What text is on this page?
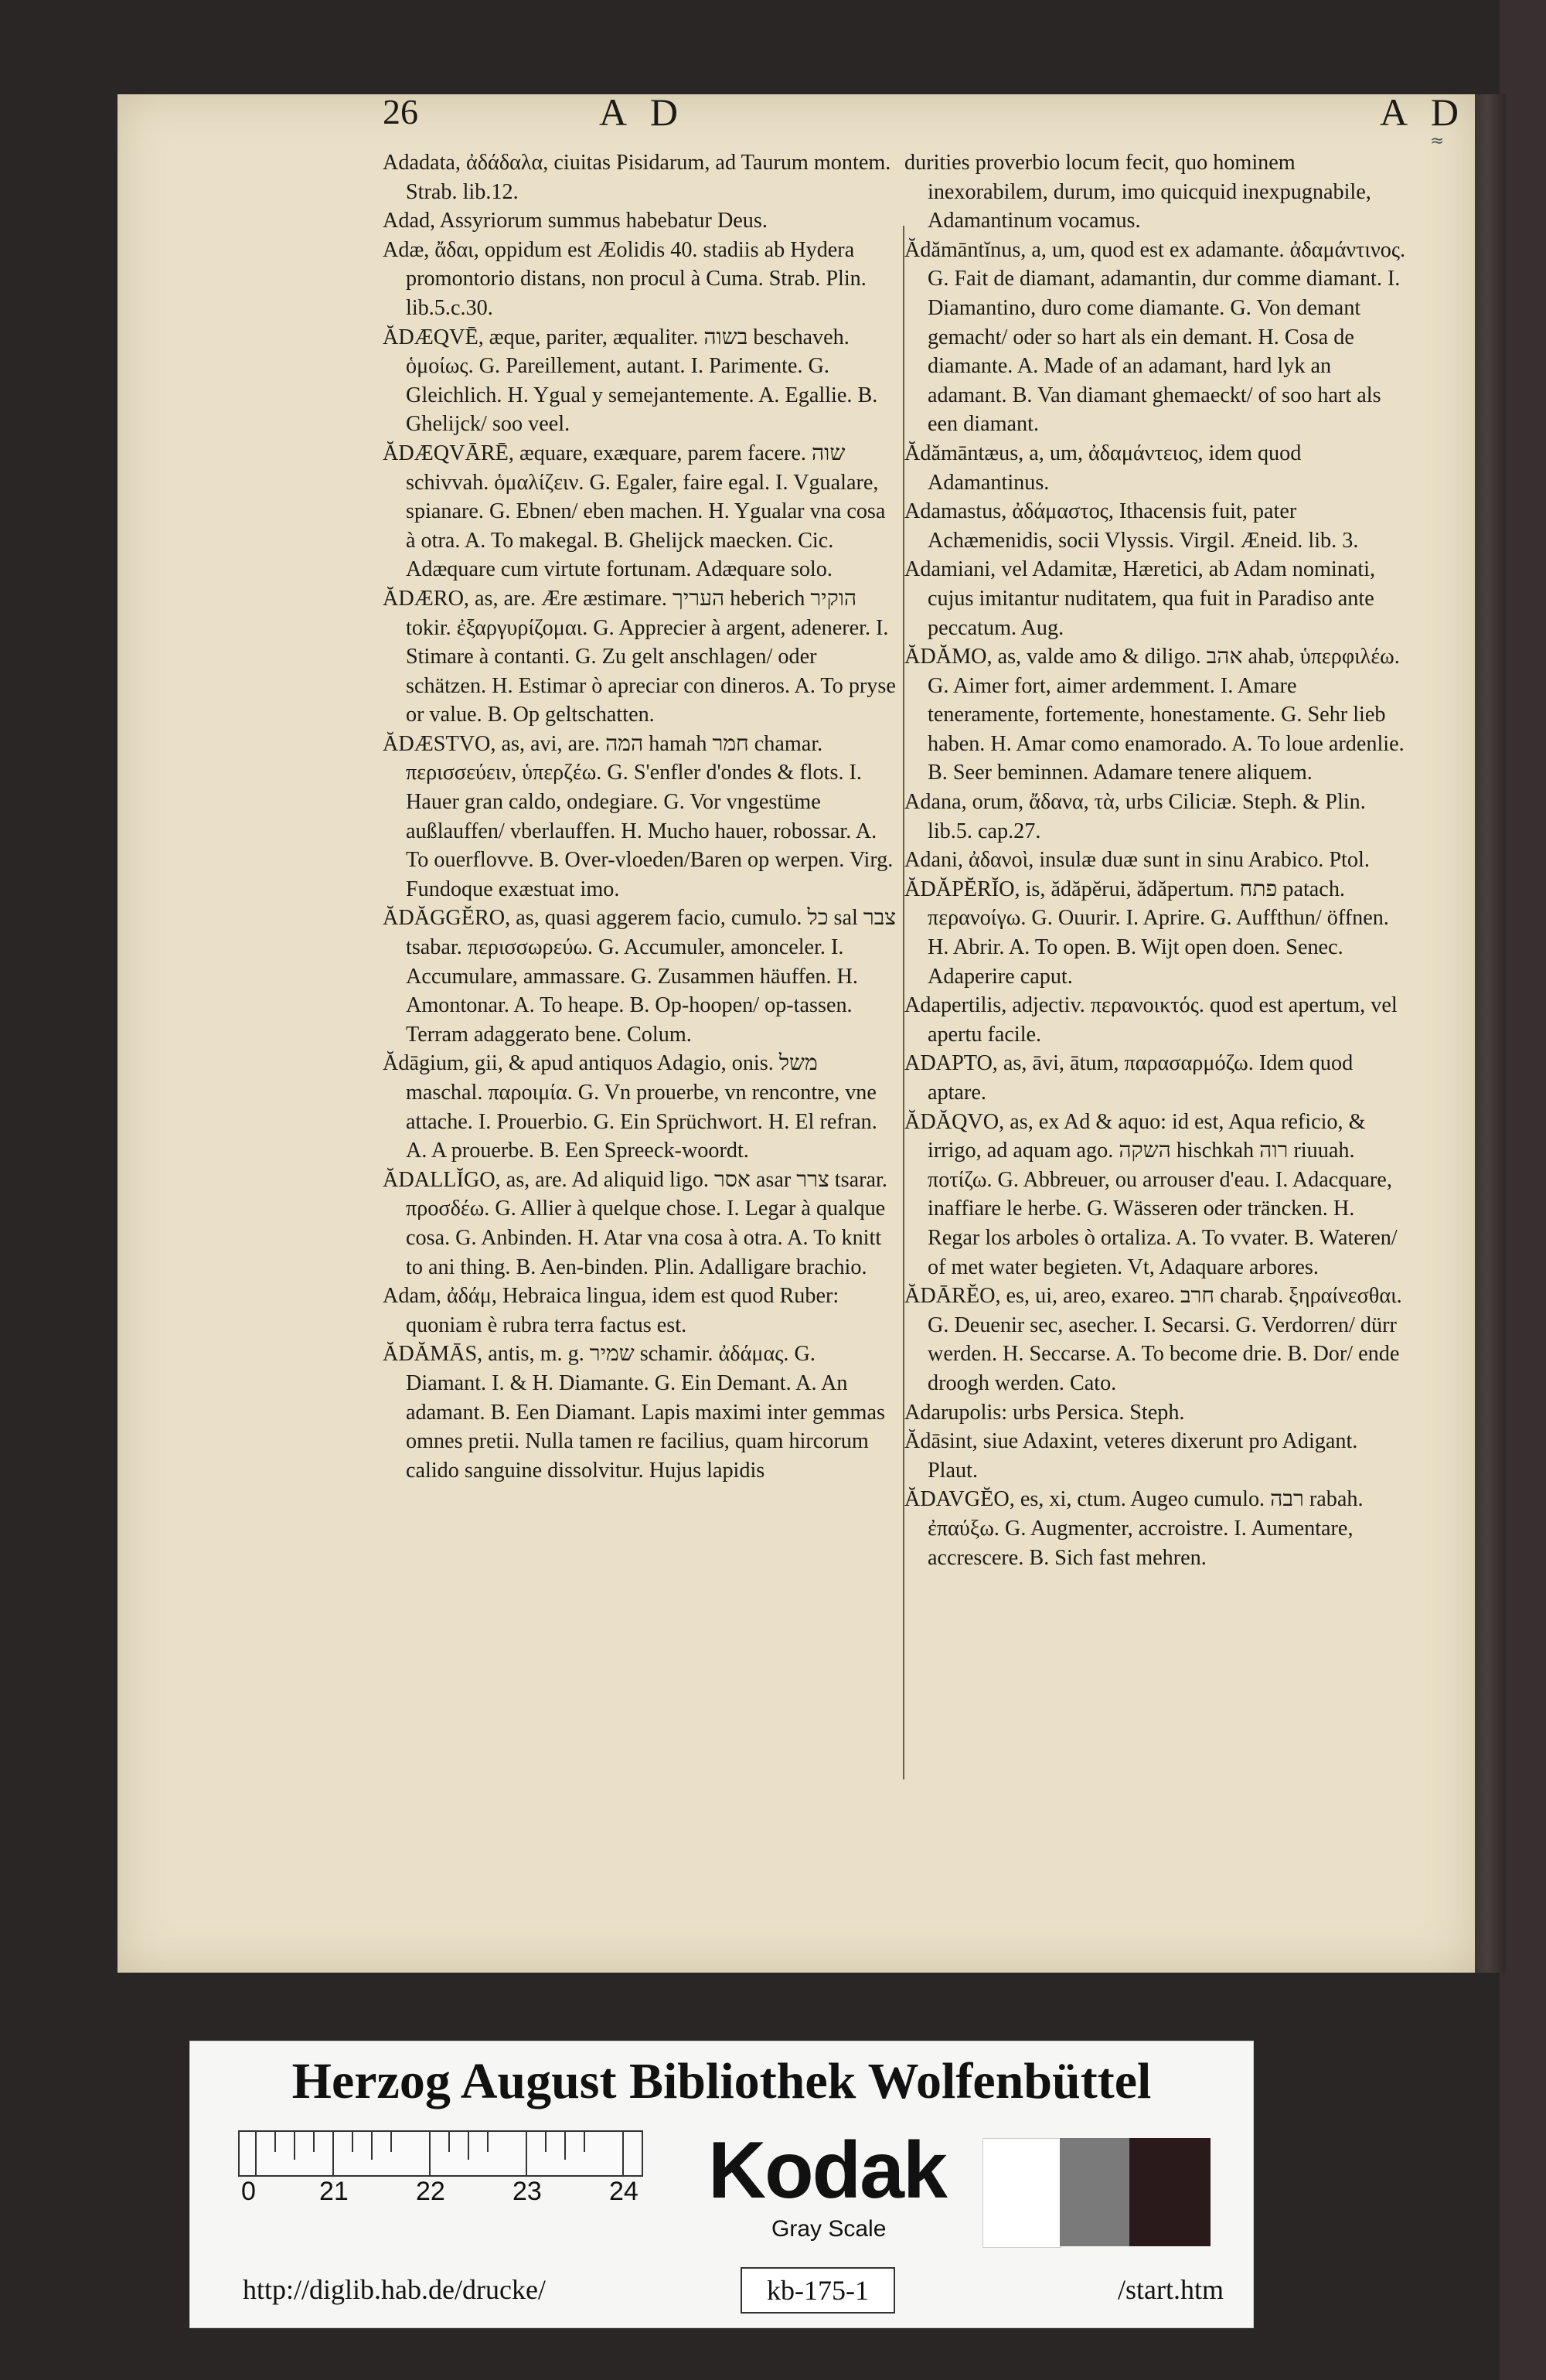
≈
26	A D	A D

Adadata, ἀδάδαλα, ciuitas Pisidarum, ad Taurum montem. Strab. lib.12.

Adad, Assyriorum summus habebatur Deus.

Adæ, ἄδαι, oppidum est Æolidis 40. stadiis ab Hydera promontorio distans, non procul à Cuma. Strab. Plin. lib.5.c.30.

ĂDÆQVĒ, æque, pariter, æqualiter. בשוה beschaveh. ὁμοίως. G. Pareillement, autant. I. Parimente. G. Gleichlich. H. Ygual y semejantemente. A. Egallie. B. Ghelijck/ soo veel.

ĂDÆQVĀRĒ, æquare, exæquare, parem facere. שוה schivvah. ὁμαλίζειν. G. Egaler, faire egal. I. Vgualare, spianare. G. Ebnen/ eben machen. H. Ygualar vna cosa à otra. A. To makegal. B. Ghelijck maecken. Cic. Adæquare cum virtute fortunam. Adæquare solo.

ĂDÆRO, as, are. Ære æstimare. העריך heberich הוקיר tokir. ἐξαργυρίζομαι. G. Apprecier à argent, adenerer. I. Stimare à contanti. G. Zu gelt anschlagen/ oder schätzen. H. Estimar ò apreciar con dineros. A. To pryse or value. B. Op geltschatten.

ĂDÆSTVO, as, avi, are. המה hamah חמר chamar. περισσεύειν, ὑπερζέω. G. S'enfler d'ondes & flots. I. Hauer gran caldo, ondegiare. G. Vor vngestüme außlauffen/ vberlauffen. H. Mucho hauer, robossar. A. To ouerflovve. B. Over-vloeden/Baren op werpen. Virg. Fundoque exæstuat imo.

ĂDĂGGĔRO, as, quasi aggerem facio, cumulo. כל sal צבר tsabar. περισσωρεύω. G. Accumuler, amonceler. I. Accumulare, ammassare. G. Zusammen häuffen. H. Amontonar. A. To heape. B. Op-hoopen/ op-tassen. Terram adaggerato bene. Colum.

Ădāgium, gii, & apud antiquos Adagio, onis. משל maschal. παροιμία. G. Vn prouerbe, vn rencontre, vne attache. I. Prouerbio. G. Ein Sprüchwort. H. El refran. A. A prouerbe. B. Een Spreeck-woordt.

ĂDALLĬGO, as, are. Ad aliquid ligo. אסר asar צרר tsarar. προσδέω. G. Allier à quelque chose. I. Legar à qualque cosa. G. Anbinden. H. Atar vna cosa à otra. A. To knitt to ani thing. B. Aen-binden. Plin. Adalligare brachio.

Adam, ἀδάμ, Hebraica lingua, idem est quod Ruber: quoniam è rubra terra factus est.

ĂDĂMĀS, antis, m. g. שמיר schamir. ἀδάμας. G. Diamant. I. & H. Diamante. G. Ein Demant. A. An adamant. B. Een Diamant. Lapis maximi inter gemmas omnes pretii. Nulla tamen re facilius, quam hircorum calido sanguine dissolvitur. Hujus lapidis

durities proverbio locum fecit, quo hominem inexorabilem, durum, imo quicquid inexpugnabile, Adamantinum vocamus.

Ădămāntĭnus, a, um, quod est ex adamante. ἀδαμάντινος. G. Fait de diamant, adamantin, dur comme diamant. I. Diamantino, duro come diamante. G. Von demant gemacht/ oder so hart als ein demant. H. Cosa de diamante. A. Made of an adamant, hard lyk an adamant. B. Van diamant ghemaeckt/ of soo hart als een diamant.

Ădămāntæus, a, um, ἀδαμάντειος, idem quod Adamantinus.

Adamastus, ἀδάμαστος, Ithacensis fuit, pater Achæmenidis, socii Vlyssis. Virgil. Æneid. lib. 3.

Adamiani, vel Adamitæ, Hæretici, ab Adam nominati, cujus imitantur nuditatem, qua fuit in Paradiso ante peccatum. Aug.

ĂDĂMO, as, valde amo & diligo. אהב ahab, ὑπερφιλέω. G. Aimer fort, aimer ardemment. I. Amare teneramente, fortemente, honestamente. G. Sehr lieb haben. H. Amar como enamorado. A. To loue ardenlie. B. Seer beminnen. Adamare tenere aliquem.

Adana, orum, ἄδανα, τὰ, urbs Ciliciæ. Steph. & Plin. lib.5. cap.27.

Adani, ἀδανοὶ, insulæ duæ sunt in sinu Arabico. Ptol.

ĂDĂPĔRĬO, is, ădăpĕrui, ădăpertum. פתח patach. περανοίγω. G. Ouurir. I. Aprire. G. Auffthun/ öffnen. H. Abrir. A. To open. B. Wijt open doen. Senec. Adaperire caput.

Adapertilis, adjectiv. περανοικτός. quod est apertum, vel apertu facile.

ADAPTO, as, āvi, ātum, παρασαρμόζω. Idem quod aptare.

ĂDĂQVO, as, ex Ad & aquo: id est, Aqua reficio, & irrigo, ad aquam ago. השקה hischkah רוה riuuah. ποτίζω. G. Abbreuer, ou arrouser d'eau. I. Adacquare, inaffiare le herbe. G. Wässeren oder träncken. H. Regar los arboles ò ortaliza. A. To vvater. B. Wateren/ of met water begieten. Vt, Adaquare arbores.

ĂDĀRĔO, es, ui, areo, exareo. חרב charab. ξηραίνεσθαι. G. Deuenir sec, asecher. I. Secarsi. G. Verdorren/ dürr werden. H. Seccarse. A. To become drie. B. Dor/ ende droogh werden. Cato.

Adarupolis: urbs Persica. Steph.

Ădāsint, siue Adaxint, veteres dixerunt pro Adigant. Plaut.

ĂDAVGĔO, es, xi, ctum. Augeo cumulo. רבה rabah. ἐπαύξω. G. Augmenter, accroistre. I. Aumentare, accrescere. B. Sich fast mehren.

Herzog August Bibliothek Wolfenbüttel
0 21	22	23	24 Kodak
Gray Scale
http://diglib.hab.de/drucke/	kb-175-1	/start.htm
